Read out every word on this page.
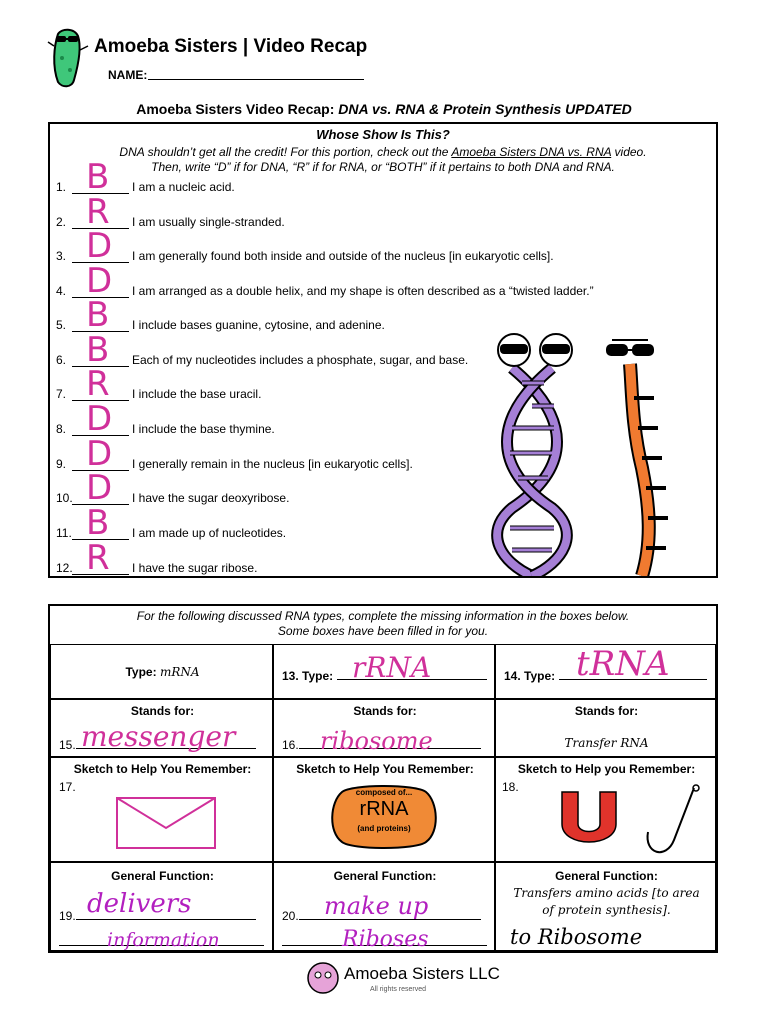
Amoeba Sisters | Video Recap
NAME:
Amoeba Sisters Video Recap: DNA vs. RNA & Protein Synthesis UPDATED
Whose Show Is This?
DNA shouldn’t get all the credit! For this portion, check out the Amoeba Sisters DNA vs. RNA video.
Then, write “D” if for DNA, “R” if for RNA, or “BOTH” if it pertains to both DNA and RNA.
1.	I am a nucleic acid.
B
2.	I am usually single-stranded.
R
3.	I am generally found both inside and outside of the nucleus [in eukaryotic cells].
D
4.	I am arranged as a double helix, and my shape is often described as a “twisted ladder.”
D
5.	I include bases guanine, cytosine, and adenine.
B
6.	Each of my nucleotides includes a phosphate, sugar, and base.
B
7.	I include the base uracil.
R
8.	I include the base thymine.
D
9.	I generally remain in the nucleus [in eukaryotic cells].
D
10.	I have the sugar deoxyribose.
D
11.	I am made up of nucleotides.
B
12.	I have the sugar ribose.
R
For the following discussed RNA types, complete the missing information in the boxes below.
Some boxes have been filled in for you.
Type: mRNA	13. Type: rRNA	14. Type: tRNA
Stands for:
15. messenger
Stands for:
16. ribosome
Stands for:
Transfer RNA
Sketch to Help You Remember:
17.
Sketch to Help You Remember:
composed of...
rRNA
(and proteins)
Sketch to Help you Remember:
18.
General Function:
19. delivers
information
General Function:
20.	make up
Riboses
General Function:
Transfers amino acids [to area
of protein synthesis].
to Ribosome
Amoeba Sisters LLC
All rights reserved
